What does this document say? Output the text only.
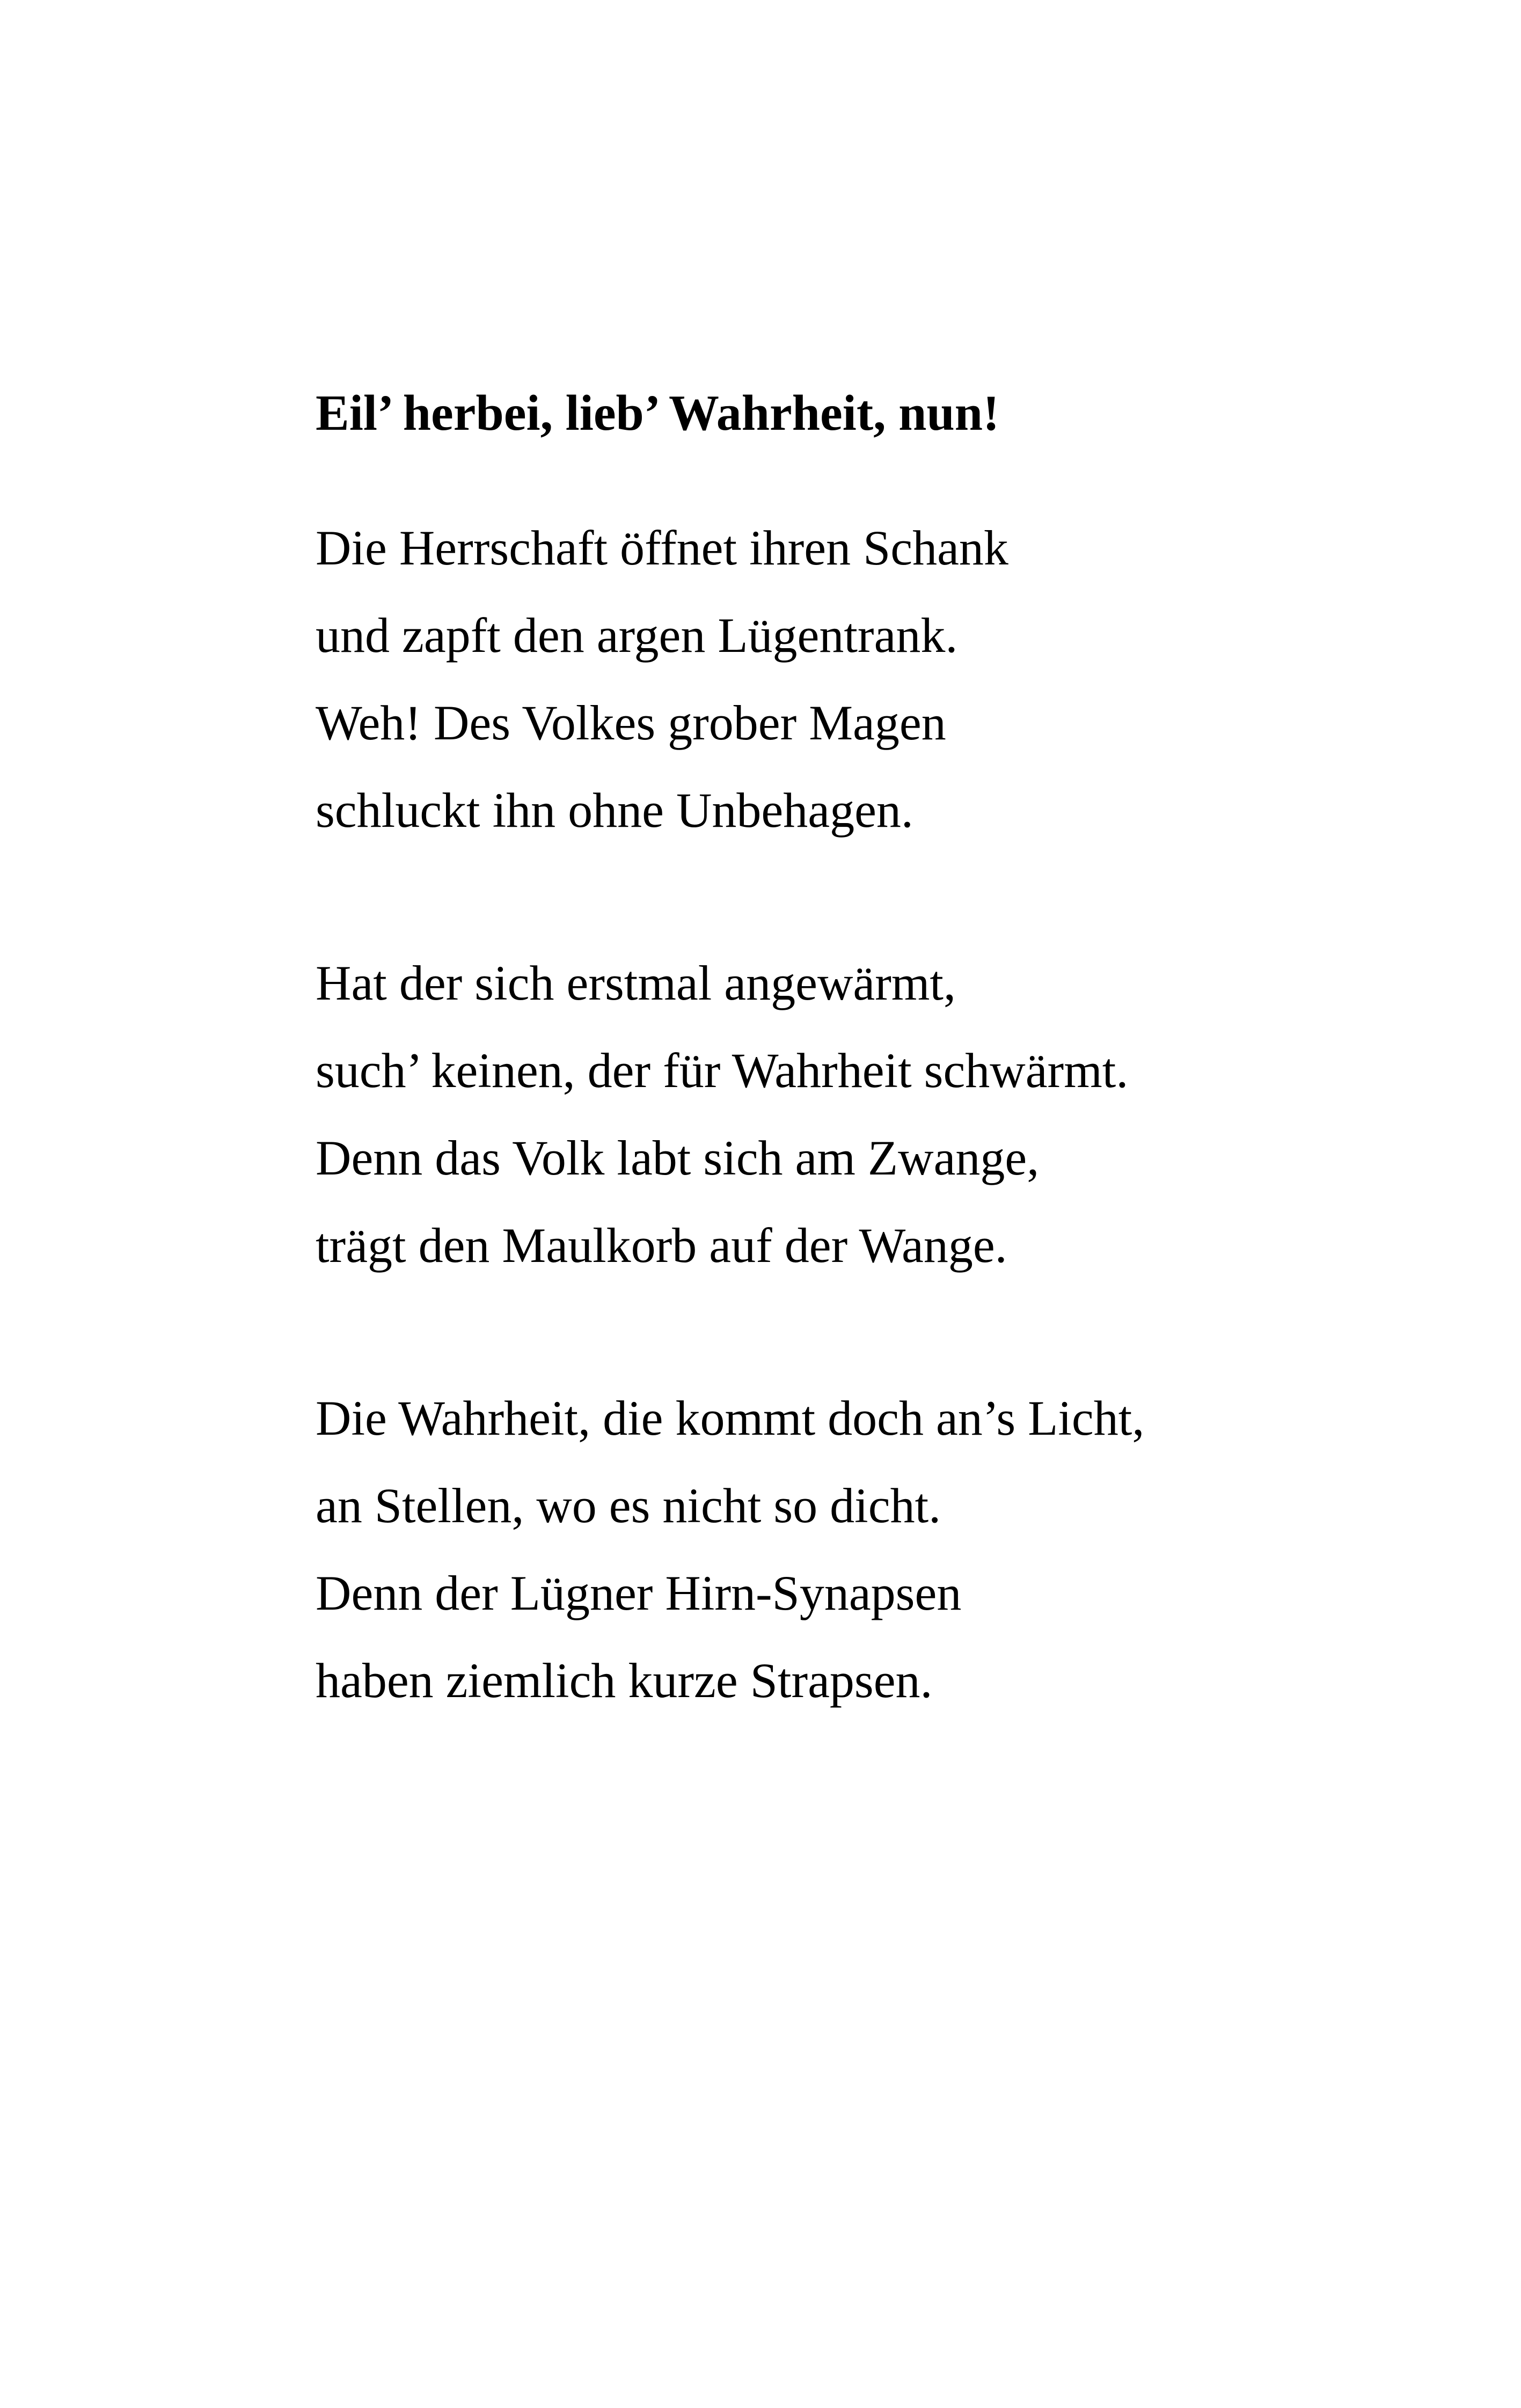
Eil’ herbei, lieb’ Wahrheit, nun!
Die Herrschaft öffnet ihren Schank
und zapft den argen Lügentrank.
Weh! Des Volkes grober Magen
schluckt ihn ohne Unbehagen.
Hat der sich erstmal angewärmt,
such’ keinen, der für Wahrheit schwärmt.
Denn das Volk labt sich am Zwange,
trägt den Maulkorb auf der Wange.
Die Wahrheit, die kommt doch an’s Licht,
an Stellen, wo es nicht so dicht.
Denn der Lügner Hirn-Synapsen
haben ziemlich kurze Strapsen.
